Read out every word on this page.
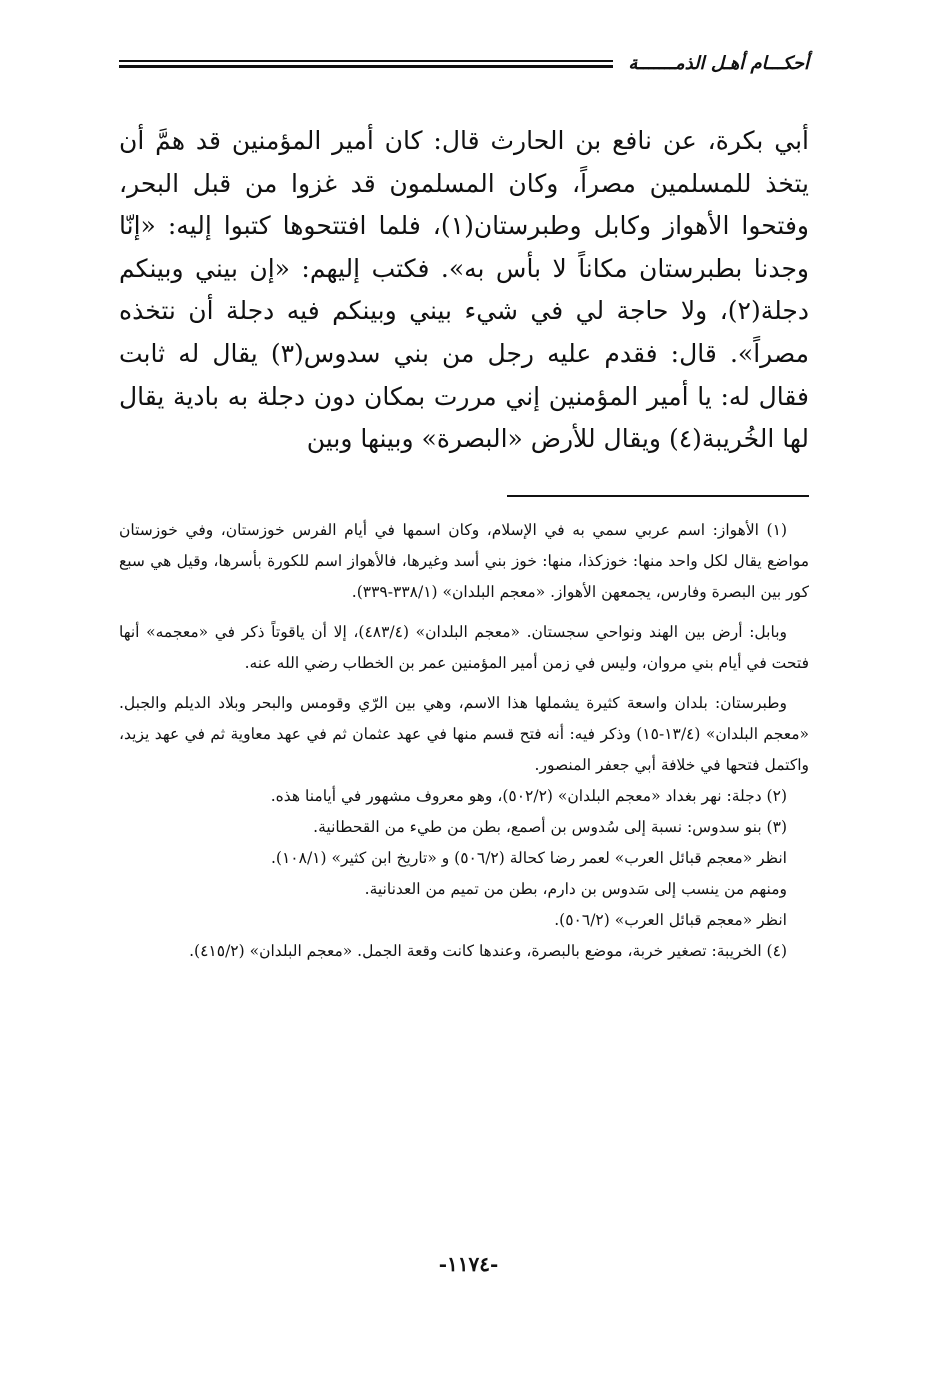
أحكـــام أهـل الذمـــــــة

أبي بكرة، عن نافع بن الحارث قال: كان أمير المؤمنين قد همَّ أن يتخذ للمسلمين مصراً، وكان المسلمون قد غزوا من قبل البحر، وفتحوا الأهواز وكابل وطبرستان(١)، فلما افتتحوها كتبوا إليه: «إنّا وجدنا بطبرستان مكاناً لا بأس به». فكتب إليهم: «إن بيني وبينكم دجلة(٢)، ولا حاجة لي في شيء بيني وبينكم فيه دجلة أن نتخذه مصراً». قال: فقدم عليه رجل من بني سدوس(٣) يقال له ثابت فقال له: يا أمير المؤمنين إني مررت بمكان دون دجلة به بادية يقال لها الخُريبة(٤) ويقال للأرض «البصرة» وبينها وبين

(١) الأهواز: اسم عربي سمي به في الإسلام، وكان اسمها في أيام الفرس خوزستان، وفي خوزستان مواضع يقال لكل واحد منها: خوزكذا، منها: خوز بني أسد وغيرها، فالأهواز اسم للكورة بأسرها، وقيل هي سبع كور بين البصرة وفارس، يجمعهن الأهواز. «معجم البلدان» (٣٣٨/١-٣٣٩).

وبابل: أرض بين الهند ونواحي سجستان. «معجم البلدان» (٤٨٣/٤)، إلا أن ياقوتاً ذكر في «معجمه» أنها فتحت في أيام بني مروان، وليس في زمن أمير المؤمنين عمر بن الخطاب رضي الله عنه.

وطبرستان: بلدان واسعة كثيرة يشملها هذا الاسم، وهي بين الرّي وقومس والبحر وبلاد الديلم والجبل. «معجم البلدان» (١٣/٤-١٥) وذكر فيه: أنه فتح قسم منها في عهد عثمان ثم في عهد معاوية ثم في عهد يزيد، واكتمل فتحها في خلافة أبي جعفر المنصور.

(٢) دجلة: نهر بغداد «معجم البلدان» (٥٠٢/٢)، وهو معروف مشهور في أيامنا هذه.

(٣) بنو سدوس: نسبة إلى سُدوس بن أصمع، بطن من طيء من القحطانية.

انظر «معجم قبائل العرب» لعمر رضا كحالة (٥٠٦/٢) و «تاريخ ابن كثير» (١٠٨/١).

ومنهم من ينسب إلى سَدوس بن دارم، بطن من تميم من العدنانية.

انظر «معجم قبائل العرب» (٥٠٦/٢).

(٤) الخريبة: تصغير خربة، موضع بالبصرة، وعندها كانت وقعة الجمل. «معجم البلدان» (٤١٥/٢).

-١١٧٤-
